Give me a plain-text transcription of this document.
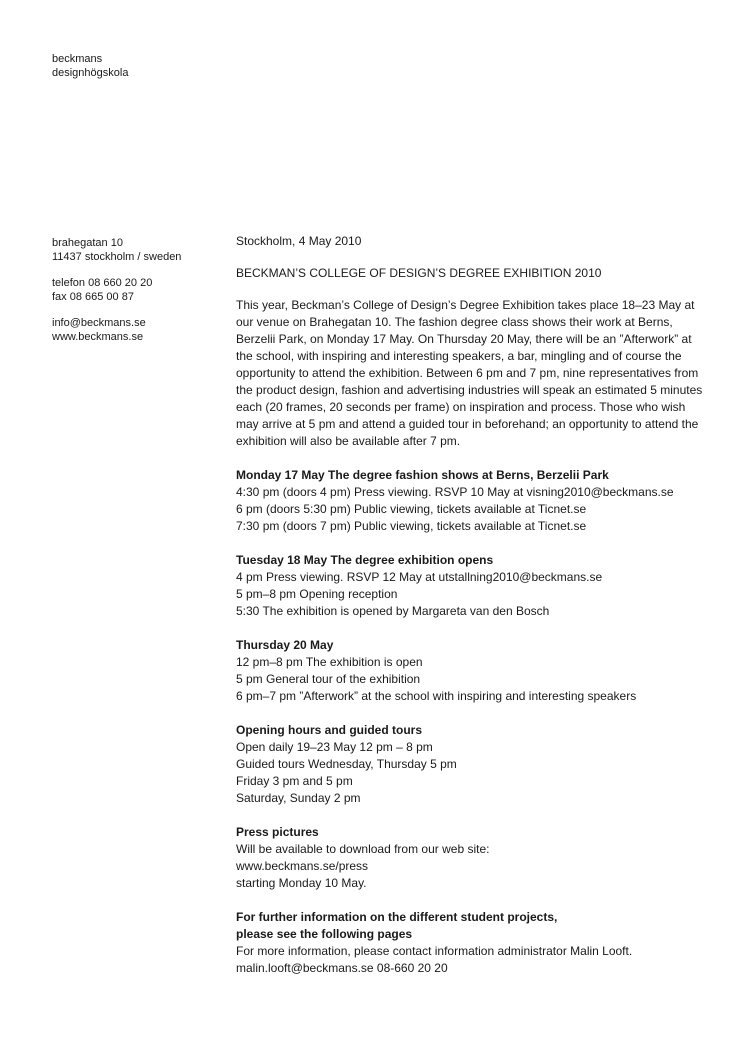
beckmans
designhögskola
brahegatan 10
11437 stockholm / sweden
telefon 08 660 20 20
fax 08 665 00 87
info@beckmans.se
www.beckmans.se
Stockholm, 4 May 2010
BECKMAN’S COLLEGE OF DESIGN’S DEGREE EXHIBITION 2010

This year, Beckman’s College of Design’s Degree Exhibition takes place 18–23 May at our venue on Brahegatan 10. The fashion degree class shows their work at Berns, Berzelii Park, on Monday 17 May. On Thursday 20 May, there will be an ”Afterwork” at the school, with inspiring and interesting speakers, a bar, mingling and of course the opportunity to attend the exhibition. Between 6 pm and 7 pm, nine representatives from the product design, fashion and advertising industries will speak an estimated 5 minutes each (20 frames, 20 seconds per frame) on inspiration and process. Those who wish may arrive at 5 pm and attend a guided tour in beforehand; an opportunity to attend the exhibition will also be available after 7 pm.

Monday 17 May The degree fashion shows at Berns, Berzelii Park
4:30 pm (doors 4 pm) Press viewing. RSVP 10 May at visning2010@beckmans.se
6 pm (doors 5:30 pm) Public viewing, tickets available at Ticnet.se
7:30 pm (doors 7 pm) Public viewing, tickets available at Ticnet.se
Tuesday 18 May The degree exhibition opens
4 pm Press viewing. RSVP 12 May at utstallning2010@beckmans.se
5 pm–8 pm Opening reception
5:30 The exhibition is opened by Margareta van den Bosch
Thursday 20 May
12 pm–8 pm The exhibition is open
5 pm General tour of the exhibition
6 pm–7 pm ”Afterwork” at the school with inspiring and interesting speakers
Opening hours and guided tours
Open daily 19–23 May 12 pm – 8 pm
Guided tours Wednesday, Thursday 5 pm
Friday 3 pm and 5 pm
Saturday, Sunday 2 pm
Press pictures
Will be available to download from our web site:
www.beckmans.se/press
starting Monday 10 May.
For further information on the different student projects,
please see the following pages
For more information, please contact information administrator Malin Looft.
malin.looft@beckmans.se 08-660 20 20
